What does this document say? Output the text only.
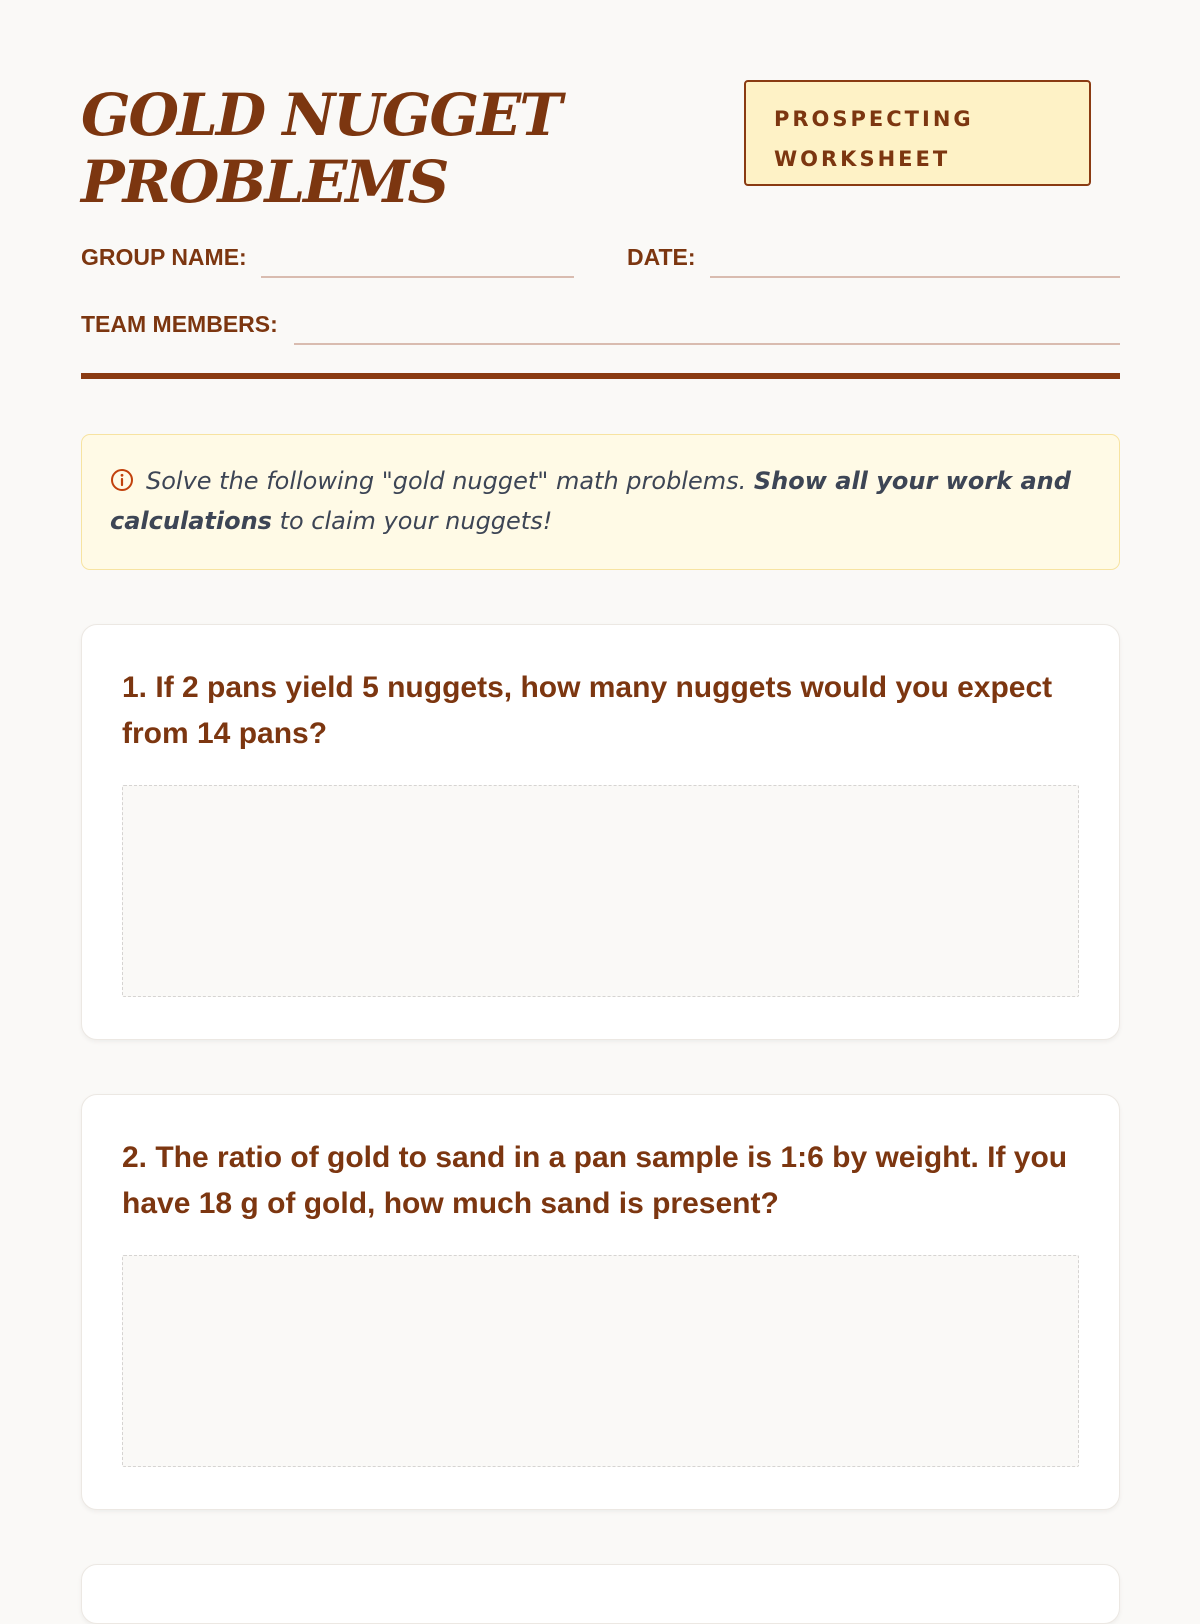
GOLD NUGGET
PROBLEMS
PROSPECTING
WORKSHEET
GROUP NAME:	DATE:
TEAM MEMBERS:
Solve the following "gold nugget" math problems. Show all your work and calculations to claim your nuggets!

1. If 2 pans yield 5 nuggets, how many nuggets would you expect from 14 pans?

2. The ratio of gold to sand in a pan sample is 1:6 by weight. If you have 18 g of gold, how much sand is present?
